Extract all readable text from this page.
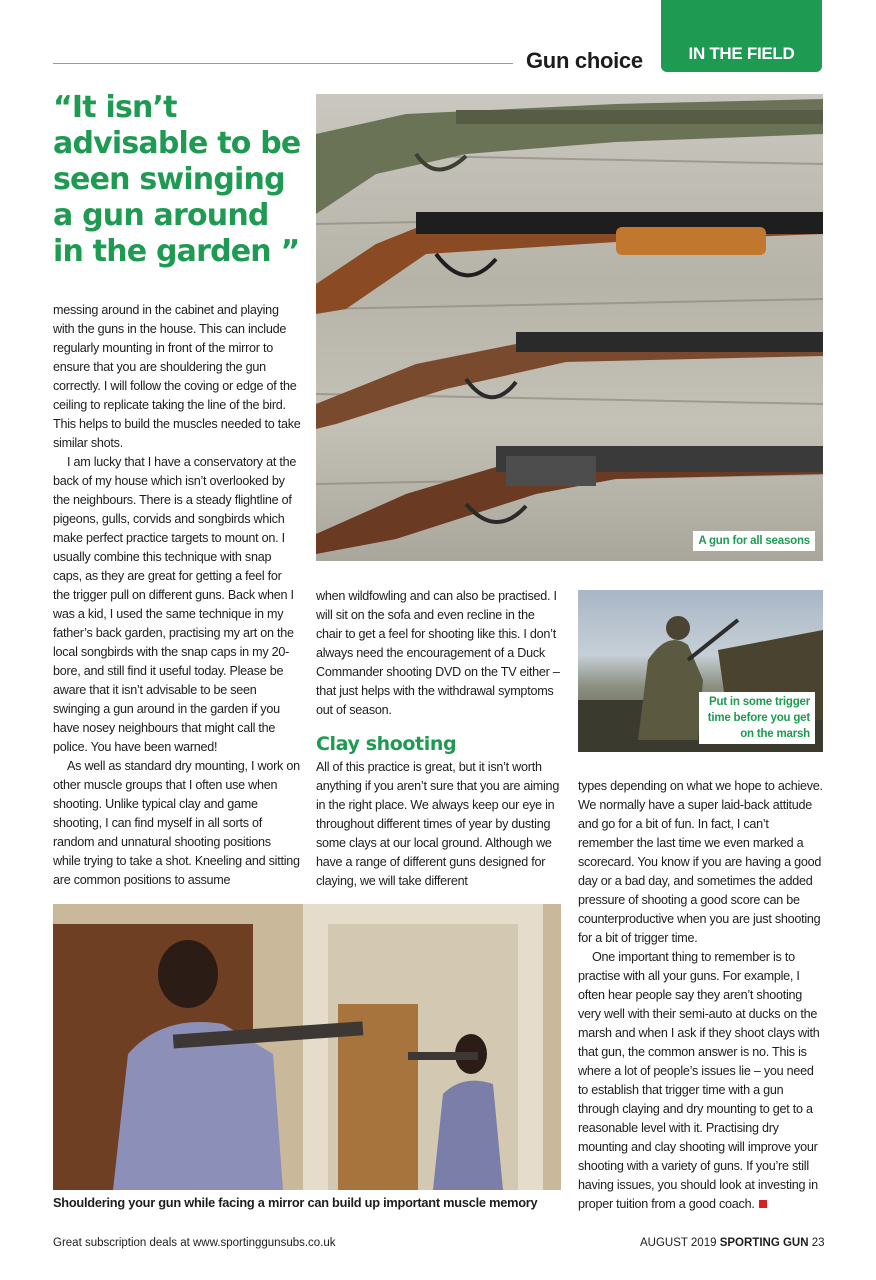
Gun choice	IN THE FIELD
“It isn’t advisable to be seen swinging a gun around in the garden ”

messing around in the cabinet and playing with the guns in the house. This can include regularly mounting in front of the mirror to ensure that you are shouldering the gun correctly. I will follow the coving or edge of the ceiling to replicate taking the line of the bird. This helps to build the muscles needed to take similar shots.

I am lucky that I have a conservatory at the back of my house which isn’t overlooked by the neighbours. There is a steady flightline of pigeons, gulls, corvids and songbirds which make perfect practice targets to mount on. I usually combine this technique with snap caps, as they are great for getting a feel for the trigger pull on different guns. Back when I was a kid, I used the same technique in my father’s back garden, practising my art on the local songbirds with the snap caps in my 20-bore, and still find it useful today. Please be aware that it isn’t advisable to be seen swinging a gun around in the garden if you have nosey neighbours that might call the police. You have been warned!

As well as standard dry mounting, I work on other muscle groups that I often use when shooting. Unlike typical clay and game shooting, I can find myself in all sorts of random and unnatural shooting positions while trying to take a shot. Kneeling and sitting are common positions to assume

A gun for all seasons

when wildfowling and can also be practised. I will sit on the sofa and even recline in the chair to get a feel for shooting like this. I don’t always need the encouragement of a Duck Commander shooting DVD on the TV either – that just helps with the withdrawal symptoms out of season.

Clay shooting

All of this practice is great, but it isn’t worth anything if you aren’t sure that you are aiming in the right place. We always keep our eye in throughout different times of year by dusting some clays at our local ground. Although we have a range of different guns designed for claying, we will take different

Put in some trigger time before you get on the marsh

types depending on what we hope to achieve. We normally have a super laid-back attitude and go for a bit of fun. In fact, I can’t remember the last time we even marked a scorecard. You know if you are having a good day or a bad day, and sometimes the added pressure of shooting a good score can be counterproductive when you are just shooting for a bit of trigger time.

One important thing to remember is to practise with all your guns. For example, I often hear people say they aren’t shooting very well with their semi-auto at ducks on the marsh and when I ask if they shoot clays with that gun, the common answer is no. This is where a lot of people’s issues lie – you need to establish that trigger time with a gun through claying and dry mounting to get to a reasonable level with it. Practising dry mounting and clay shooting will improve your shooting with a variety of guns. If you’re still having issues, you should look at investing in proper tuition from a good coach.

Shouldering your gun while facing a mirror can build up important muscle memory
Great subscription deals at www.sportinggunsubs.co.uk	AUGUST 2019 SPORTING GUN 23
